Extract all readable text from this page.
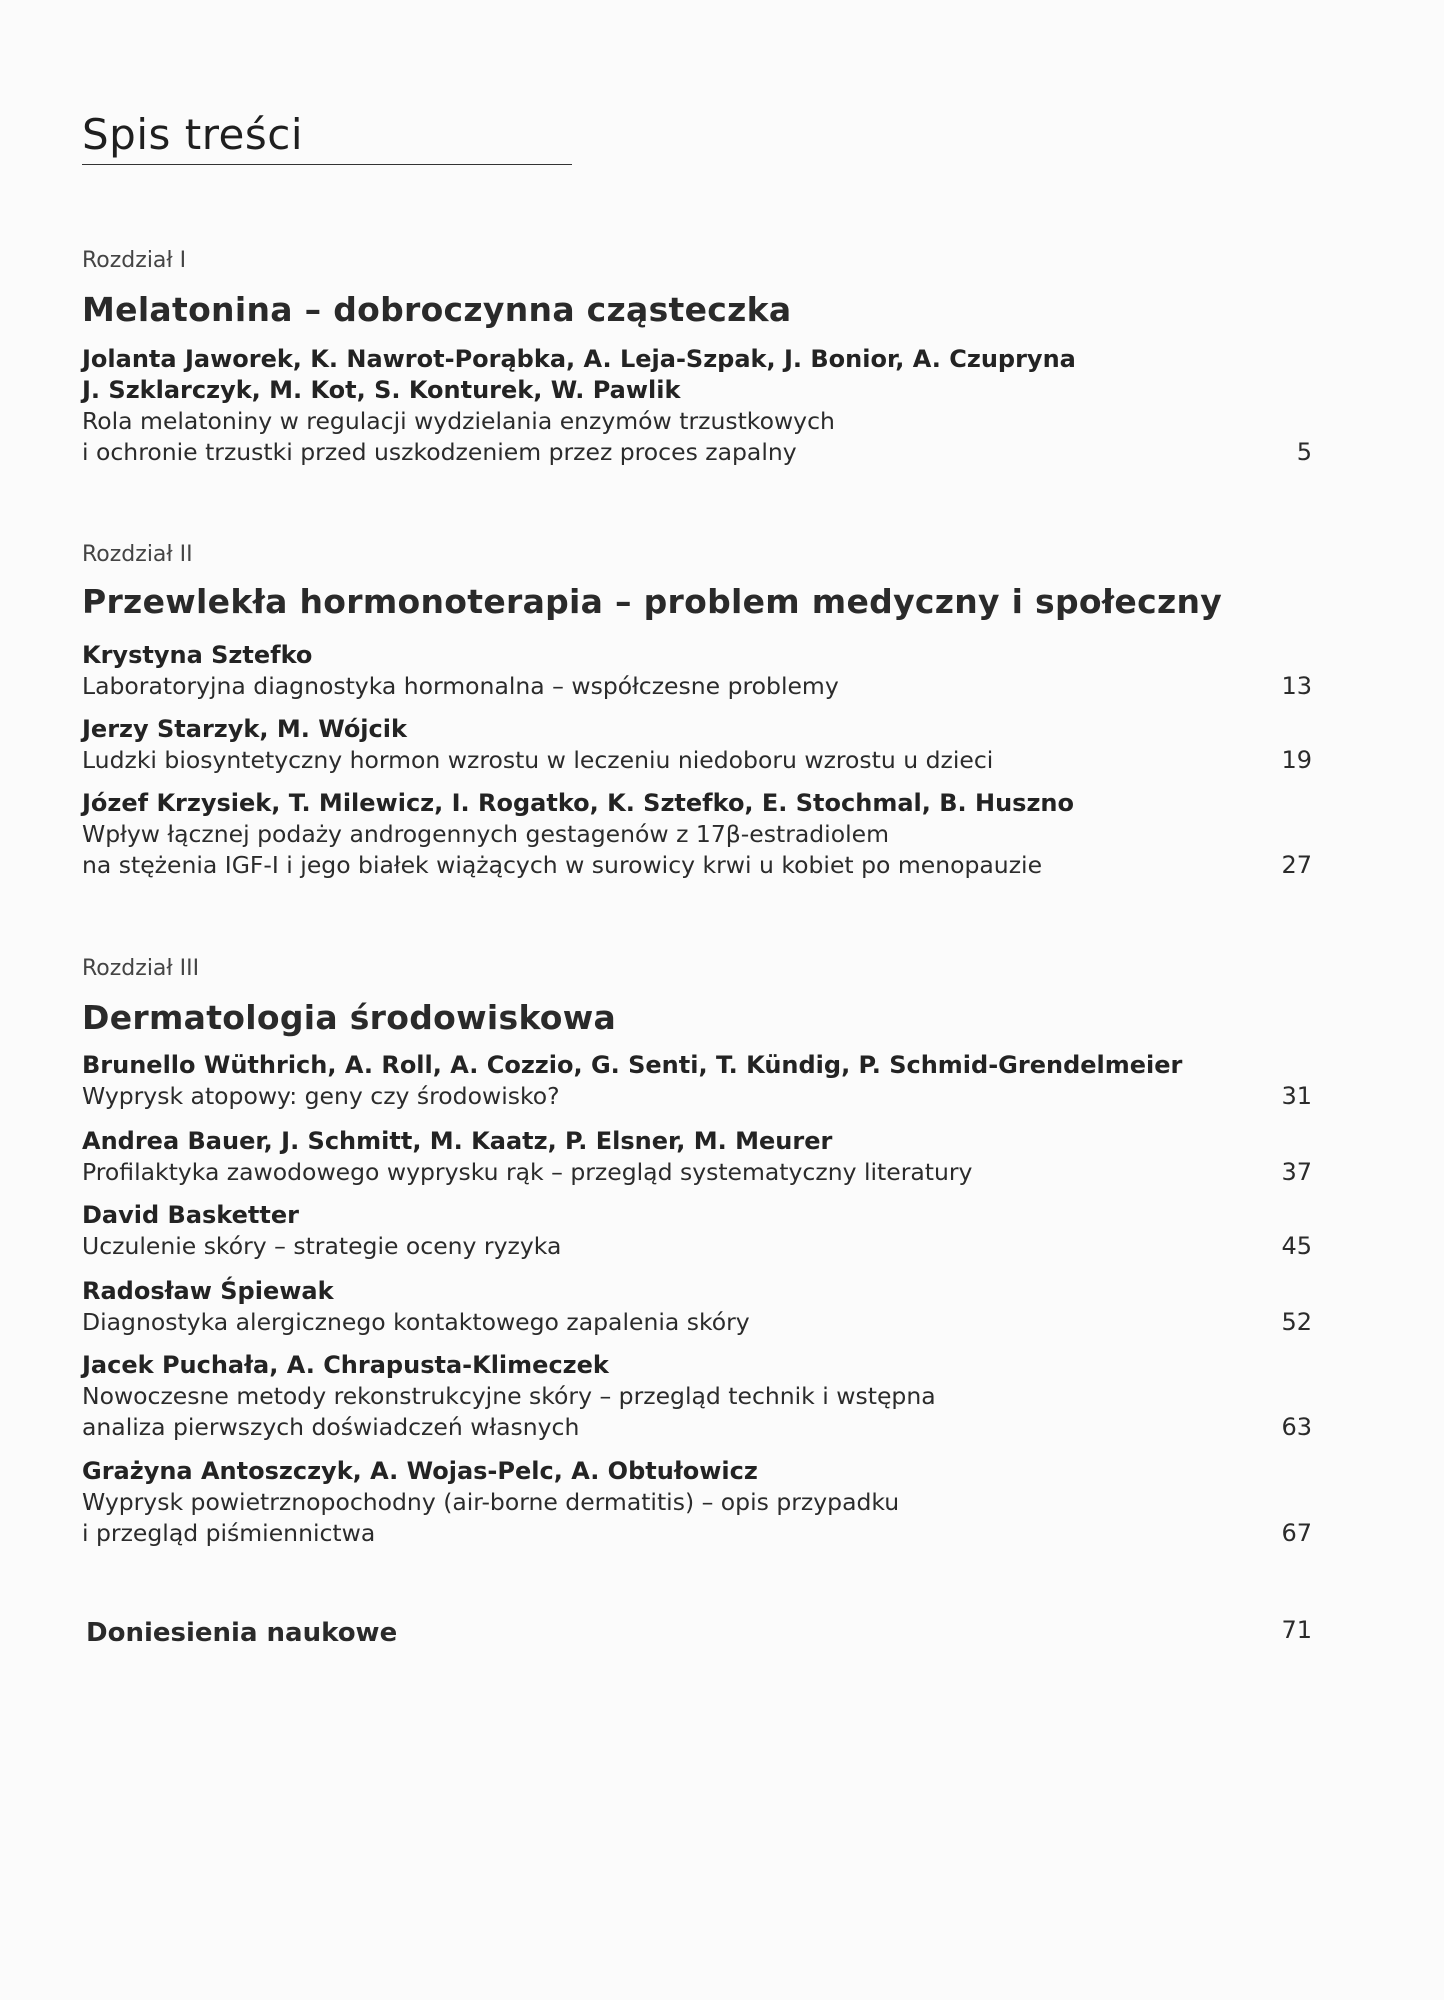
Spis treści

Rozdział I

Melatonina – dobroczynna cząsteczka

Jolanta Jaworek, K. Nawrot-Porąbka, A. Leja-Szpak, J. Bonior, A. Czupryna
J. Szklarczyk, M. Kot, S. Konturek, W. Pawlik

Rola melatoniny w regulacji wydzielania enzymów trzustkowych
i ochronie trzustki przed uszkodzeniem przez proces zapalny	5

Rozdział II

Przewlekła hormonoterapia – problem medyczny i społeczny

Krystyna Sztefko

Laboratoryjna diagnostyka hormonalna – współczesne problemy	13

Jerzy Starzyk, M. Wójcik

Ludzki biosyntetyczny hormon wzrostu w leczeniu niedoboru wzrostu u dzieci	19

Józef Krzysiek, T. Milewicz, I. Rogatko, K. Sztefko, E. Stochmal, B. Huszno

Wpływ łącznej podaży androgennych gestagenów z 17β-estradiolem
na stężenia IGF-I i jego białek wiążących w surowicy krwi u kobiet po menopauzie	27

Rozdział III

Dermatologia środowiskowa

Brunello Wüthrich, A. Roll, A. Cozzio, G. Senti, T. Kündig, P. Schmid-Grendelmeier

Wyprysk atopowy: geny czy środowisko?	31

Andrea Bauer, J. Schmitt, M. Kaatz, P. Elsner, M. Meurer

Profilaktyka zawodowego wyprysku rąk – przegląd systematyczny literatury	37

David Basketter

Uczulenie skóry – strategie oceny ryzyka	45

Radosław Śpiewak

Diagnostyka alergicznego kontaktowego zapalenia skóry	52

Jacek Puchała, A. Chrapusta-Klimeczek

Nowoczesne metody rekonstrukcyjne skóry – przegląd technik i wstępna
analiza pierwszych doświadczeń własnych	63

Grażyna Antoszczyk, A. Wojas-Pelc, A. Obtułowicz

Wyprysk powietrznopochodny (air-borne dermatitis) – opis przypadku
i przegląd piśmiennictwa	67
Doniesienia naukowe	71
